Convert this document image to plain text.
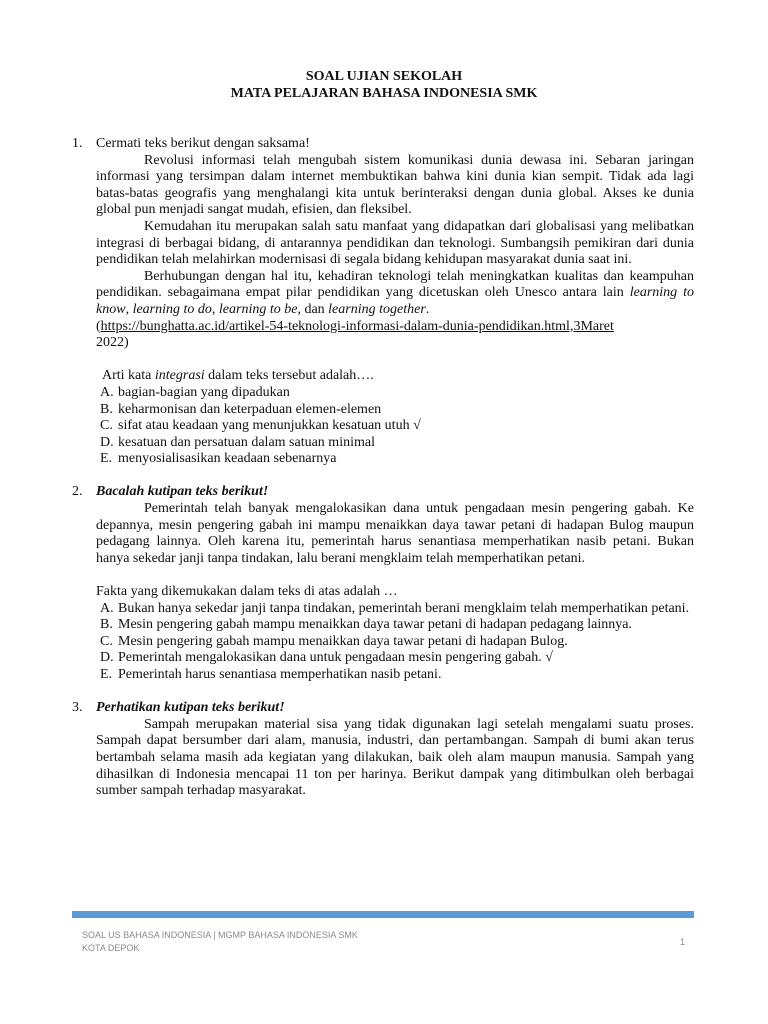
SOAL UJIAN SEKOLAH
MATA PELAJARAN BAHASA INDONESIA SMK
1. Cermati teks berikut dengan saksama!

Revolusi informasi telah mengubah sistem komunikasi dunia dewasa ini. Sebaran jaringan informasi yang tersimpan dalam internet membuktikan bahwa kini dunia kian sempit. Tidak ada lagi batas-batas geografis yang menghalangi kita untuk berinteraksi dengan dunia global. Akses ke dunia global pun menjadi sangat mudah, efisien, dan fleksibel.

Kemudahan itu merupakan salah satu manfaat yang didapatkan dari globalisasi yang melibatkan integrasi di berbagai bidang, di antarannya pendidikan dan teknologi. Sumbangsih pemikiran dari dunia pendidikan telah melahirkan modernisasi di segala bidang kehidupan masyarakat dunia saat ini.

Berhubungan dengan hal itu, kehadiran teknologi telah meningkatkan kualitas dan keampuhan pendidikan. sebagaimana empat pilar pendidikan yang dicetuskan oleh Unesco antara lain learning to know, learning to do, learning to be, dan learning together.

(https://bunghatta.ac.id/artikel-54-teknologi-informasi-dalam-dunia-pendidikan.html,3Maret
2022)

Arti kata integrasi dalam teks tersebut adalah….

A. bagian-bagian yang dipadukan
B. keharmonisan dan keterpaduan elemen-elemen
C. sifat atau keadaan yang menunjukkan kesatuan utuh √
D. kesatuan dan persatuan dalam satuan minimal
E. menyosialisasikan keadaan sebenarnya
2. Bacalah kutipan teks berikut!

Pemerintah telah banyak mengalokasikan dana untuk pengadaan mesin pengering gabah. Ke depannya, mesin pengering gabah ini mampu menaikkan daya tawar petani di hadapan Bulog maupun pedagang lainnya. Oleh karena itu, pemerintah harus senantiasa memperhatikan nasib petani. Bukan hanya sekedar janji tanpa tindakan, lalu berani mengklaim telah memperhatikan petani.

Fakta yang dikemukakan dalam teks di atas adalah …

A. Bukan hanya sekedar janji tanpa tindakan, pemerintah berani mengklaim telah memperhatikan petani.
B. Mesin pengering gabah mampu menaikkan daya tawar petani di hadapan pedagang lainnya.
C. Mesin pengering gabah mampu menaikkan daya tawar petani di hadapan Bulog.
D. Pemerintah mengalokasikan dana untuk pengadaan mesin pengering gabah. √
E. Pemerintah harus senantiasa memperhatikan nasib petani.
3. Perhatikan kutipan teks berikut!

Sampah merupakan material sisa yang tidak digunakan lagi setelah mengalami suatu proses. Sampah dapat bersumber dari alam, manusia, industri, dan pertambangan. Sampah di bumi akan terus bertambah selama masih ada kegiatan yang dilakukan, baik oleh alam maupun manusia. Sampah yang dihasilkan di Indonesia mencapai 11 ton per harinya. Berikut dampak yang ditimbulkan oleh berbagai sumber sampah terhadap masyarakat.

SOAL US BAHASA INDONESIA | MGMP BAHASA INDONESIA SMK
KOTA DEPOK
1
